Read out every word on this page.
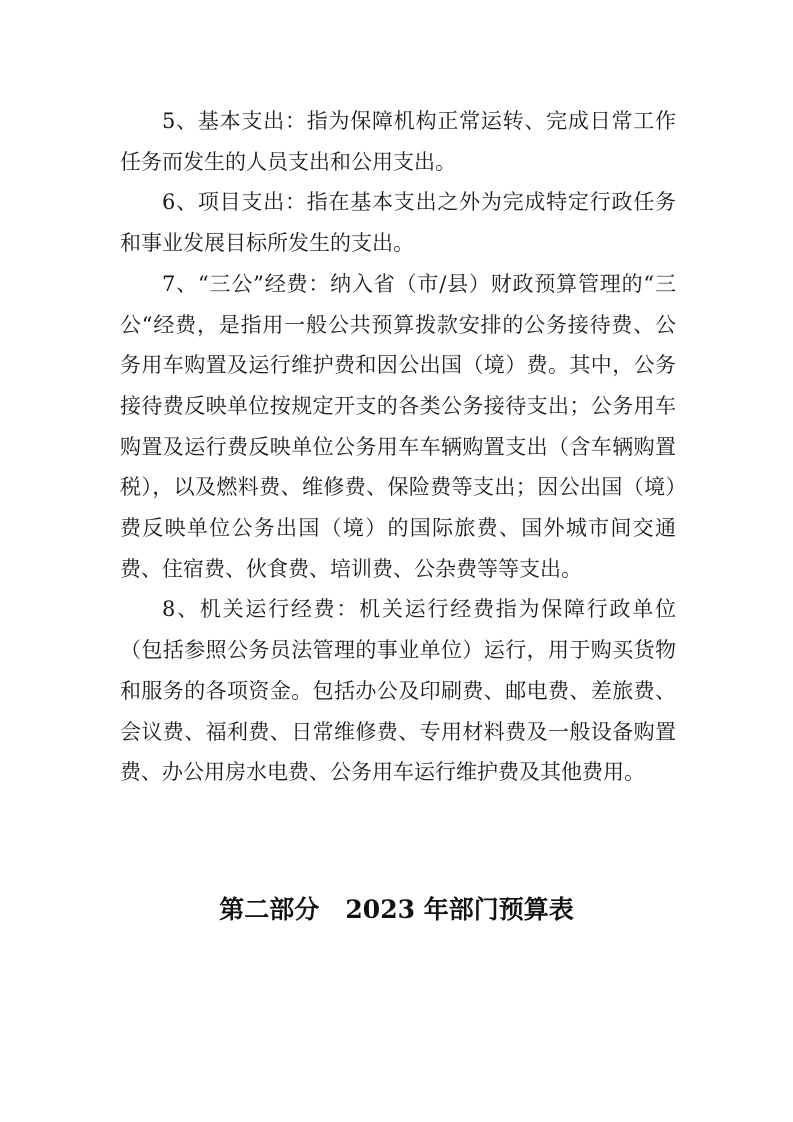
5、基本支出：指为保障机构正常运转、完成日常工作任务而发生的人员支出和公用支出。

6、项目支出：指在基本支出之外为完成特定行政任务和事业发展目标所发生的支出。

7、“三公”经费：纳入省（市/县）财政预算管理的“三公“经费，是指用一般公共预算拨款安排的公务接待费、公务用车购置及运行维护费和因公出国（境）费。其中，公务接待费反映单位按规定开支的各类公务接待支出；公务用车购置及运行费反映单位公务用车车辆购置支出（含车辆购置税），以及燃料费、维修费、保险费等支出；因公出国（境）费反映单位公务出国（境）的国际旅费、国外城市间交通费、住宿费、伙食费、培训费、公杂费等等支出。

8、机关运行经费：机关运行经费指为保障行政单位（包括参照公务员法管理的事业单位）运行，用于购买货物和服务的各项资金。包括办公及印刷费、邮电费、差旅费、会议费、福利费、日常维修费、专用材料费及一般设备购置费、办公用房水电费、公务用车运行维护费及其他费用。

第二部分   2023 年部门预算表
